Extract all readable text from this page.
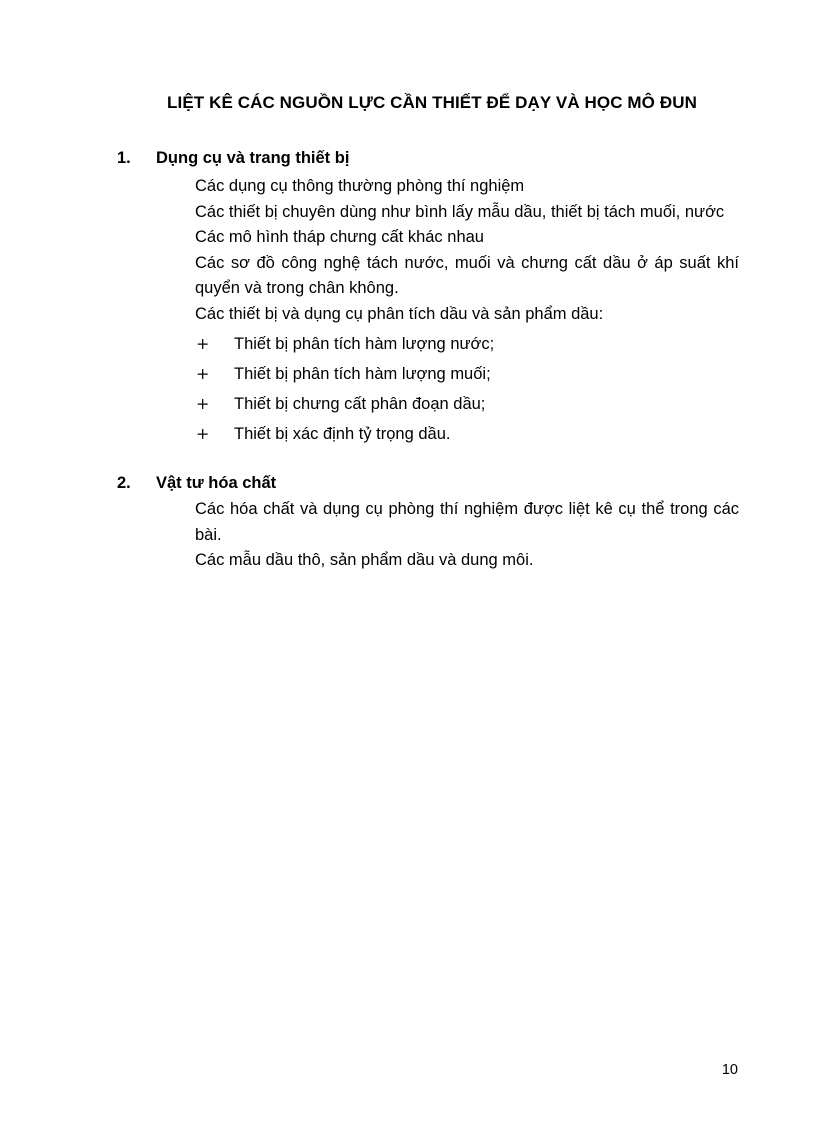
LIỆT KÊ CÁC NGUỒN LỰC CẦN THIẾT ĐỂ DẠY VÀ HỌC MÔ ĐUN
1.	Dụng cụ và trang thiết bị
Các dụng cụ thông thường phòng thí nghiệm
Các thiết bị chuyên dùng như bình lấy mẫu dầu, thiết bị tách muối, nước
Các mô hình tháp chưng cất khác nhau
Các sơ đồ công nghệ tách nước, muối và chưng cất dầu ở áp suất khí quyển và trong chân không.
Các thiết bị và dụng cụ phân tích dầu và sản phẩm dầu:
+	Thiết bị phân tích hàm lượng nước;
+	Thiết bị phân tích hàm lượng muối;
+	Thiết bị chưng cất phân đoạn dầu;
+	Thiết bị xác định tỷ trọng dầu.
2.	Vật tư hóa chất
Các hóa chất và dụng cụ phòng thí nghiệm được liệt kê cụ thể trong các bài.
Các mẫu dầu thô, sản phẩm dầu và dung môi.
10
